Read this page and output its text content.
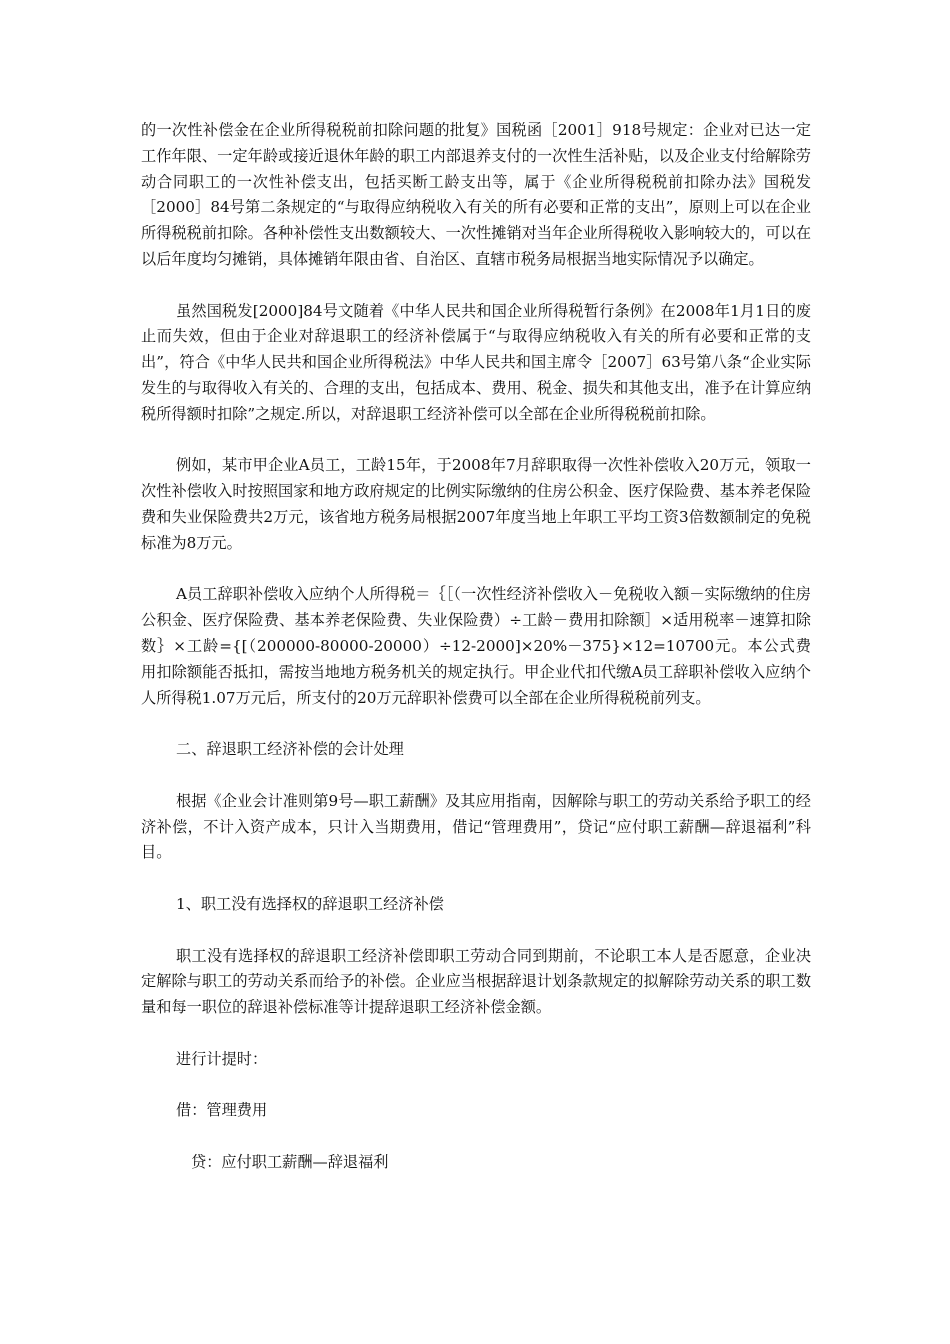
的一次性补偿金在企业所得税税前扣除问题的批复》国税函［2001］918号规定：企业对已达一定工作年限、一定年龄或接近退休年龄的职工内部退养支付的一次性生活补贴，以及企业支付给解除劳动合同职工的一次性补偿支出，包括买断工龄支出等，属于《企业所得税税前扣除办法》国税发［2000］84号第二条规定的“与取得应纳税收入有关的所有必要和正常的支出”，原则上可以在企业所得税税前扣除。各种补偿性支出数额较大、一次性摊销对当年企业所得税收入影响较大的，可以在以后年度均匀摊销，具体摊销年限由省、自治区、直辖市税务局根据当地实际情况予以确定。

虽然国税发[2000]84号文随着《中华人民共和国企业所得税暂行条例》在2008年1月1日的废止而失效，但由于企业对辞退职工的经济补偿属于“与取得应纳税收入有关的所有必要和正常的支出”，符合《中华人民共和国企业所得税法》中华人民共和国主席令［2007］63号第八条“企业实际发生的与取得收入有关的、合理的支出，包括成本、费用、税金、损失和其他支出，准予在计算应纳税所得额时扣除”之规定.所以，对辞退职工经济补偿可以全部在企业所得税税前扣除。

例如，某市甲企业A员工，工龄15年，于2008年7月辞职取得一次性补偿收入20万元，领取一次性补偿收入时按照国家和地方政府规定的比例实际缴纳的住房公积金、医疗保险费、基本养老保险费和失业保险费共2万元，该省地方税务局根据2007年度当地上年职工平均工资3倍数额制定的免税标准为8万元。

A员工辞职补偿收入应纳个人所得税＝｛［（一次性经济补偿收入－免税收入额－实际缴纳的住房公积金、医疗保险费、基本养老保险费、失业保险费）÷工龄－费用扣除额］×适用税率－速算扣除数｝×工龄={[（200000-80000-20000）÷12-2000]×20%－375}×12=10700元。本公式费用扣除额能否抵扣，需按当地地方税务机关的规定执行。甲企业代扣代缴A员工辞职补偿收入应纳个人所得税1.07万元后，所支付的20万元辞职补偿费可以全部在企业所得税税前列支。

二、辞退职工经济补偿的会计处理

根据《企业会计准则第9号—职工薪酬》及其应用指南，因解除与职工的劳动关系给予职工的经济补偿，不计入资产成本，只计入当期费用，借记“管理费用”，贷记“应付职工薪酬—辞退福利”科目。

1、职工没有选择权的辞退职工经济补偿

职工没有选择权的辞退职工经济补偿即职工劳动合同到期前，不论职工本人是否愿意，企业决定解除与职工的劳动关系而给予的补偿。企业应当根据辞退计划条款规定的拟解除劳动关系的职工数量和每一职位的辞退补偿标准等计提辞退职工经济补偿金额。

进行计提时：

借：管理费用

贷：应付职工薪酬—辞退福利
